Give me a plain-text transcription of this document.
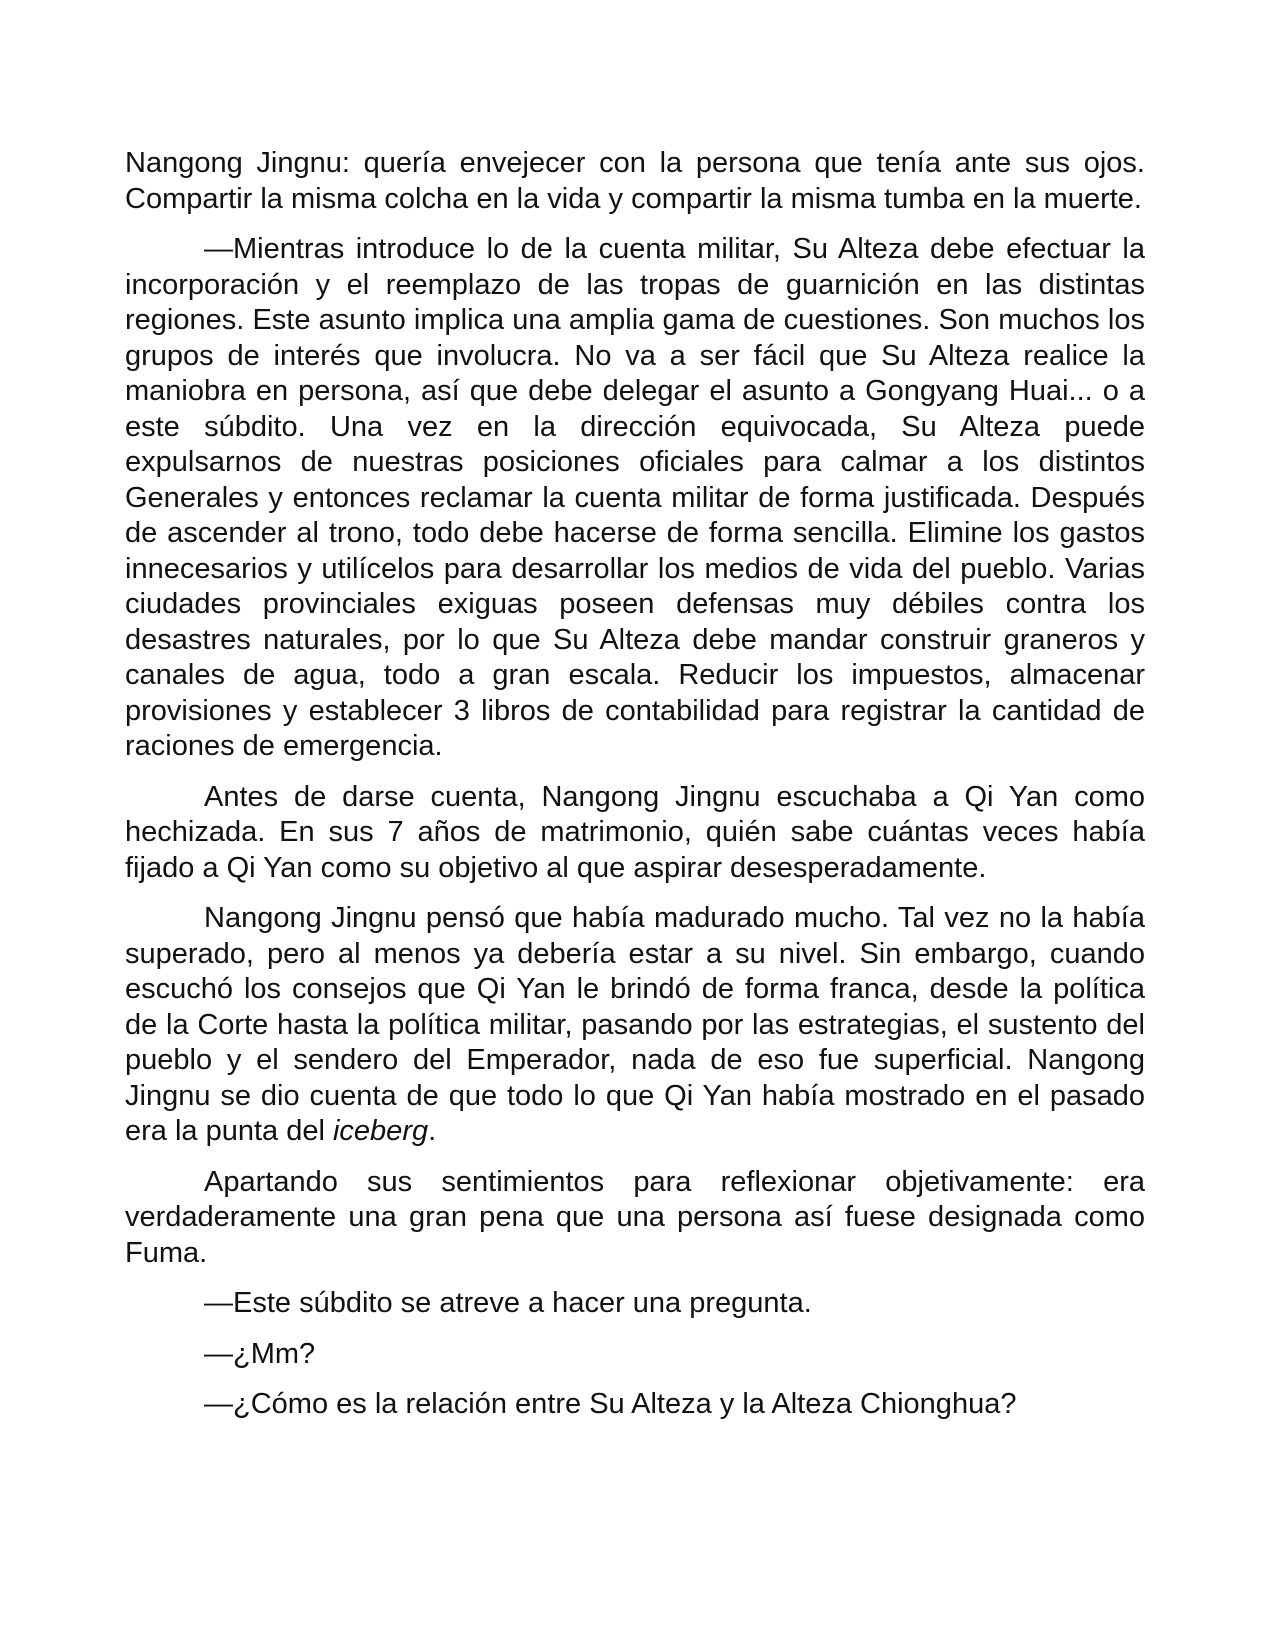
Nangong Jingnu: quería envejecer con la persona que tenía ante sus ojos. Compartir la misma colcha en la vida y compartir la misma tumba en la muerte.

—Mientras introduce lo de la cuenta militar, Su Alteza debe efectuar la incorporación y el reemplazo de las tropas de guarnición en las distintas regiones. Este asunto implica una amplia gama de cuestiones. Son muchos los grupos de interés que involucra. No va a ser fácil que Su Alteza realice la maniobra en persona, así que debe delegar el asunto a Gongyang Huai... o a este súbdito. Una vez en la dirección equivocada, Su Alteza puede expulsarnos de nuestras posiciones oficiales para calmar a los distintos Generales y entonces reclamar la cuenta militar de forma justificada. Después de ascender al trono, todo debe hacerse de forma sencilla. Elimine los gastos innecesarios y utilícelos para desarrollar los medios de vida del pueblo. Varias ciudades provinciales exiguas poseen defensas muy débiles contra los desastres naturales, por lo que Su Alteza debe mandar construir graneros y canales de agua, todo a gran escala. Reducir los impuestos, almacenar provisiones y establecer 3 libros de contabilidad para registrar la cantidad de raciones de emergencia.

Antes de darse cuenta, Nangong Jingnu escuchaba a Qi Yan como hechizada. En sus 7 años de matrimonio, quién sabe cuántas veces había fijado a Qi Yan como su objetivo al que aspirar desesperadamente.

Nangong Jingnu pensó que había madurado mucho. Tal vez no la había superado, pero al menos ya debería estar a su nivel. Sin embargo, cuando escuchó los consejos que Qi Yan le brindó de forma franca, desde la política de la Corte hasta la política militar, pasando por las estrategias, el sustento del pueblo y el sendero del Emperador, nada de eso fue superficial. Nangong Jingnu se dio cuenta de que todo lo que Qi Yan había mostrado en el pasado era la punta del iceberg.

Apartando sus sentimientos para reflexionar objetivamente: era verdaderamente una gran pena que una persona así fuese designada como Fuma.

—Este súbdito se atreve a hacer una pregunta.

—¿Mm?

—¿Cómo es la relación entre Su Alteza y la Alteza Chionghua?
